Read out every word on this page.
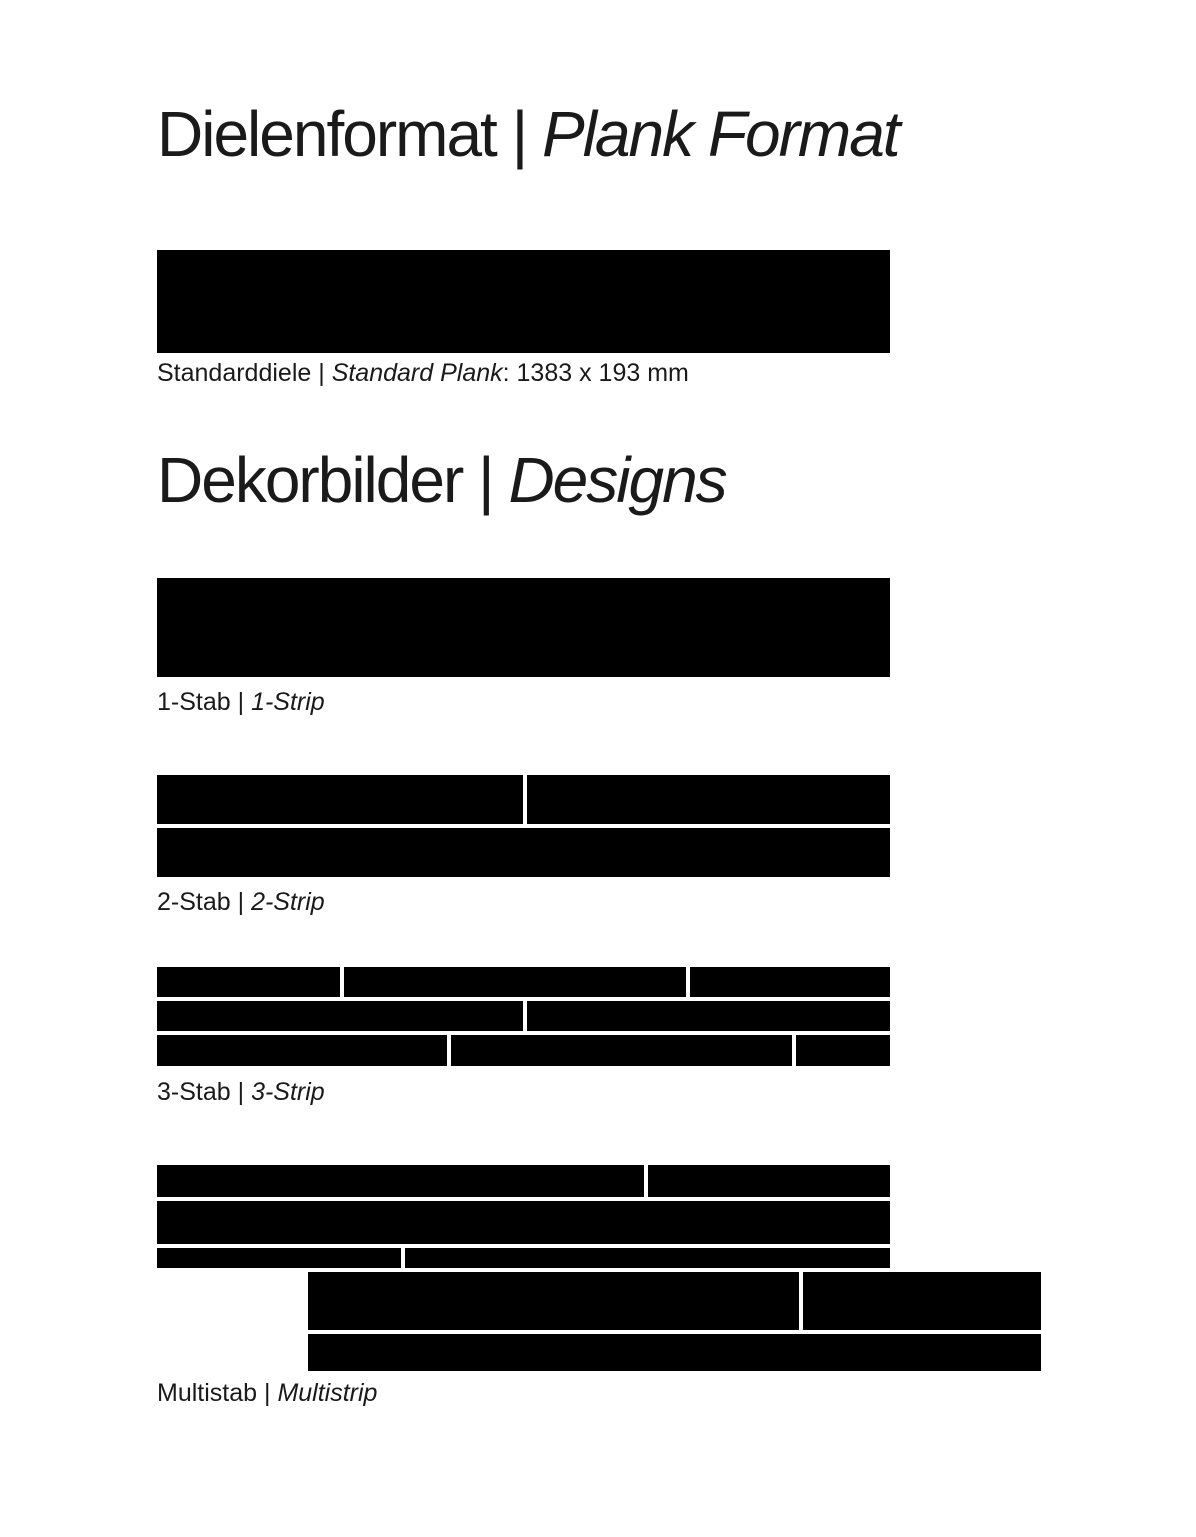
Dielenformat | Plank Format
Dekorbilder | Designs

Standarddiele | Standard Plank: 1383 x 193 mm

1-Stab | 1-Strip

2-Stab | 2-Strip

3-Stab | 3-Strip

Multistab | Multistrip
